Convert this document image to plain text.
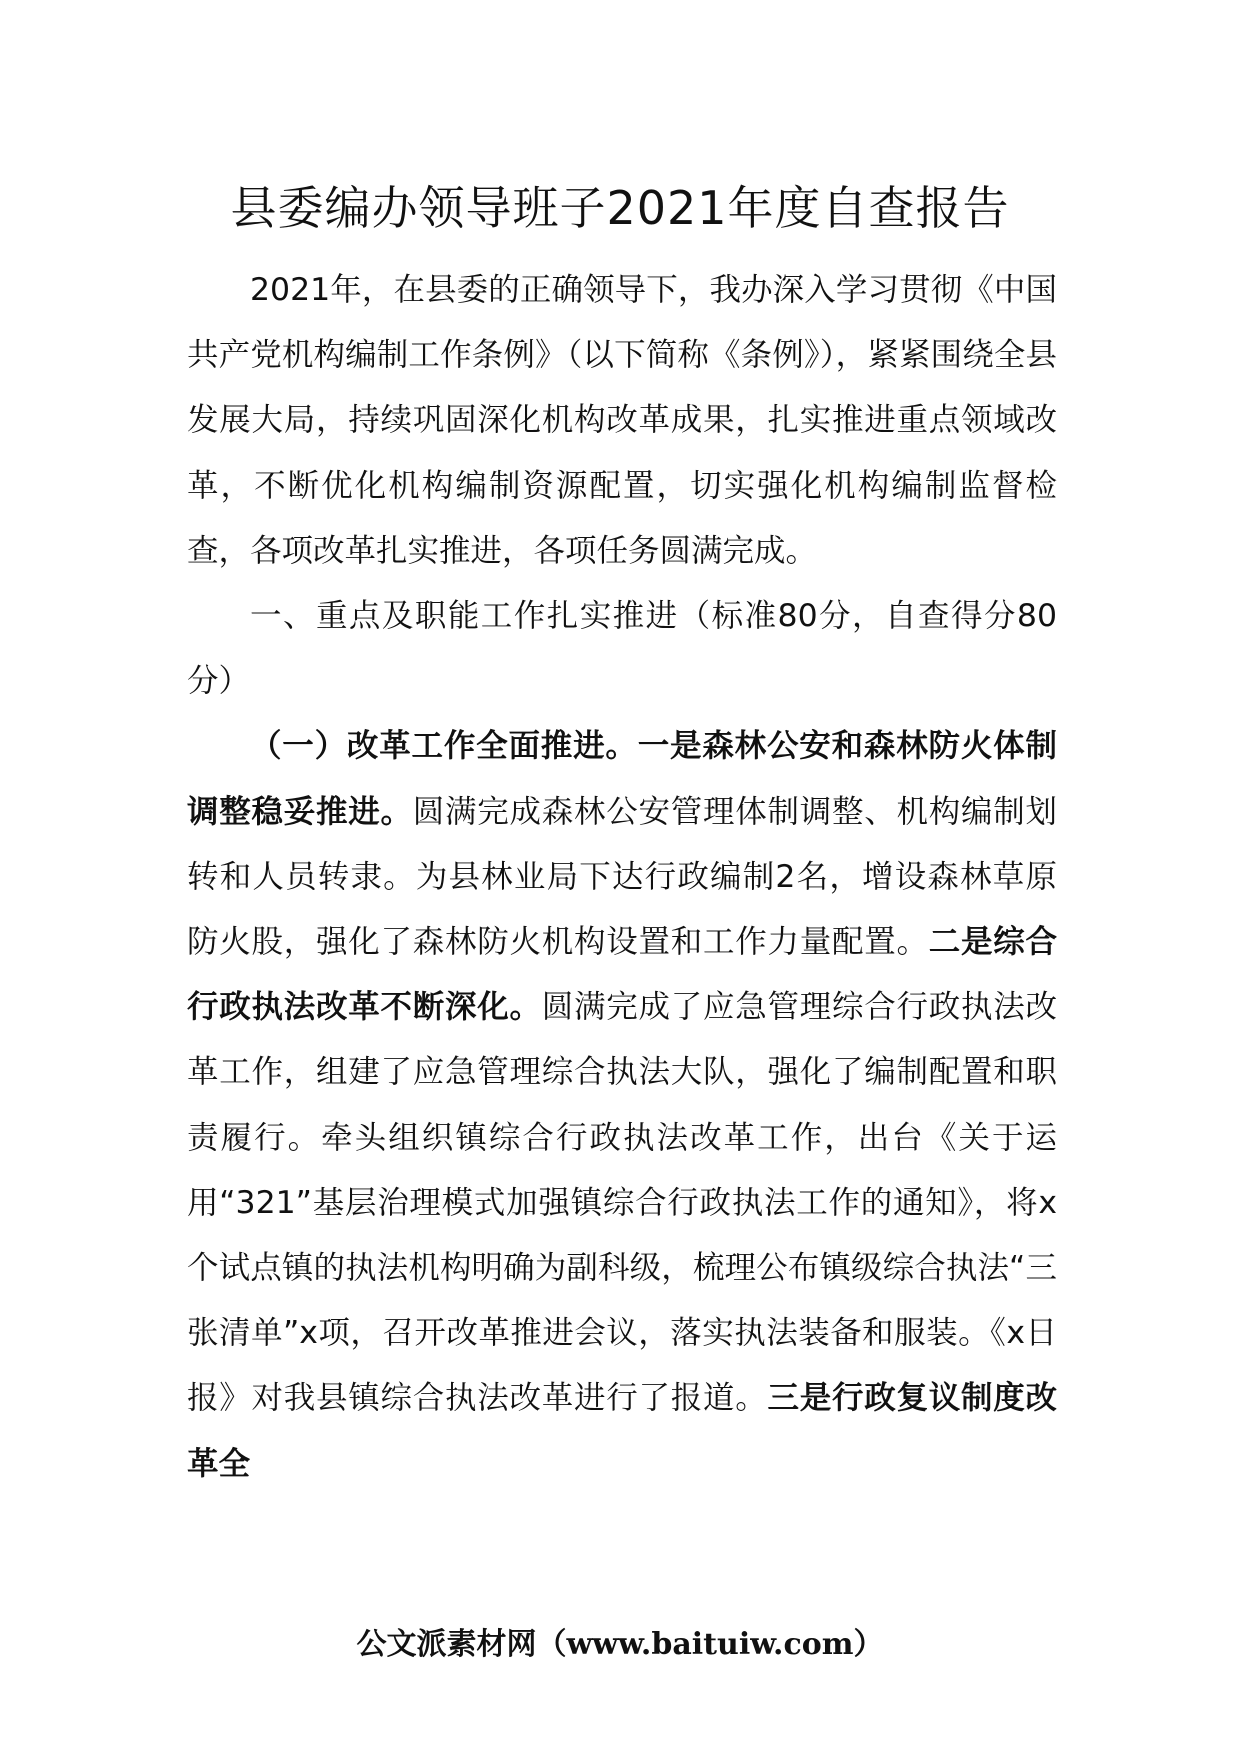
县委编办领导班子2021年度自查报告

2021年，在县委的正确领导下，我办深入学习贯彻《中国共产党机构编制工作条例》（以下简称《条例》），紧紧围绕全县发展大局，持续巩固深化机构改革成果，扎实推进重点领域改革，不断优化机构编制资源配置，切实强化机构编制监督检查，各项改革扎实推进，各项任务圆满完成。

一、重点及职能工作扎实推进（标准80分，自查得分80分）

（一）改革工作全面推进。一是森林公安和森林防火体制调整稳妥推进。圆满完成森林公安管理体制调整、机构编制划转和人员转隶。为县林业局下达行政编制2名，增设森林草原防火股，强化了森林防火机构设置和工作力量配置。二是综合行政执法改革不断深化。圆满完成了应急管理综合行政执法改革工作，组建了应急管理综合执法大队，强化了编制配置和职责履行。牵头组织镇综合行政执法改革工作，出台《关于运用“321”基层治理模式加强镇综合行政执法工作的通知》，将x个试点镇的执法机构明确为副科级，梳理公布镇级综合执法“三张清单”x项，召开改革推进会议，落实执法装备和服装。《x日报》对我县镇综合执法改革进行了报道。三是行政复议制度改革全

公文派素材网（www.baituiw.com）
